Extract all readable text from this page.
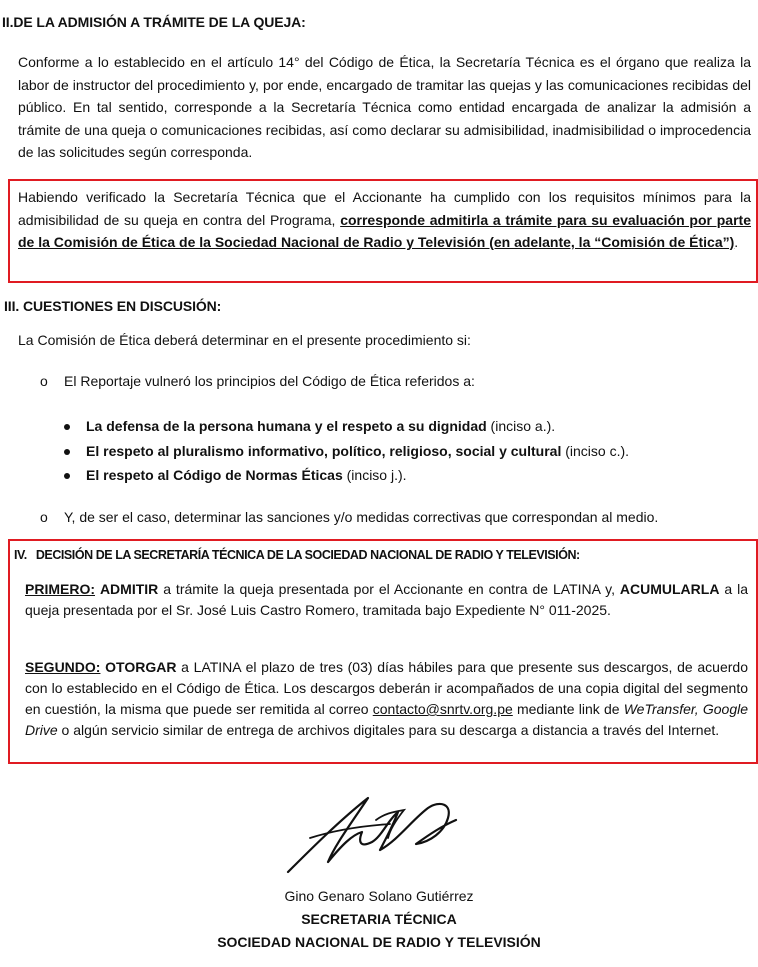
II.DE LA ADMISIÓN A TRÁMITE DE LA QUEJA:
Conforme a lo establecido en el artículo 14° del Código de Ética, la Secretaría Técnica es el órgano que realiza la labor de instructor del procedimiento y, por ende, encargado de tramitar las quejas y las comunicaciones recibidas del público. En tal sentido, corresponde a la Secretaría Técnica como entidad encargada de analizar la admisión a trámite de una queja o comunicaciones recibidas, así como declarar su admisibilidad, inadmisibilidad o improcedencia de las solicitudes según corresponda.
Habiendo verificado la Secretaría Técnica que el Accionante ha cumplido con los requisitos mínimos para la admisibilidad de su queja en contra del Programa, corresponde admitirla a trámite para su evaluación por parte de la Comisión de Ética de la Sociedad Nacional de Radio y Televisión (en adelante, la “Comisión de Ética”).
III. CUESTIONES EN DISCUSIÓN:
La Comisión de Ética deberá determinar en el presente procedimiento si:
o El Reportaje vulneró los principios del Código de Ética referidos a:
La defensa de la persona humana y el respeto a su dignidad (inciso a.).
El respeto al pluralismo informativo, político, religioso, social y cultural (inciso c.).
El respeto al Código de Normas Éticas (inciso j.).
o Y, de ser el caso, determinar las sanciones y/o medidas correctivas que correspondan al medio.
IV.   DECISIÓN DE LA SECRETARÍA TÉCNICA DE LA SOCIEDAD NACIONAL DE RADIO Y TELEVISIÓN:
PRIMERO: ADMITIR a trámite la queja presentada por el Accionante en contra de LATINA y, ACUMULARLA a la queja presentada por el Sr. José Luis Castro Romero, tramitada bajo Expediente N° 011-2025.
SEGUNDO: OTORGAR a LATINA el plazo de tres (03) días hábiles para que presente sus descargos, de acuerdo con lo establecido en el Código de Ética. Los descargos deberán ir acompañados de una copia digital del segmento en cuestión, la misma que puede ser remitida al correo contacto@snrtv.org.pe mediante link de WeTransfer, Google Drive o algún servicio similar de entrega de archivos digitales para su descarga a distancia a través del Internet.
Gino Genaro Solano Gutiérrez
SECRETARIA TÉCNICA
SOCIEDAD NACIONAL DE RADIO Y TELEVISIÓN
